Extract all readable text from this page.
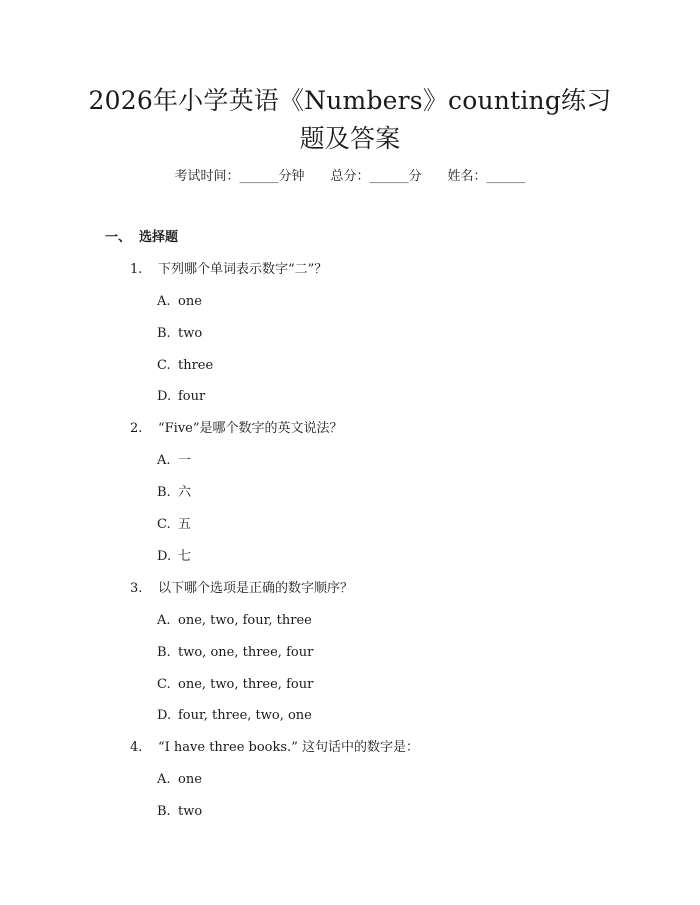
2026年小学英语《Numbers》counting练习
题及答案
考试时间：______分钟 总分：______分 姓名：______
一、 选择题
1. 下列哪个单词表示数字“二”？
A. one
B. two
C. three
D. four
2. “Five”是哪个数字的英文说法？
A. 一
B. 六
C. 五
D. 七
3. 以下哪个选项是正确的数字顺序？
A. one, two, four, three
B. two, one, three, four
C. one, two, three, four
D. four, three, two, one
4. “I have three books.” 这句话中的数字是：
A. one
B. two
